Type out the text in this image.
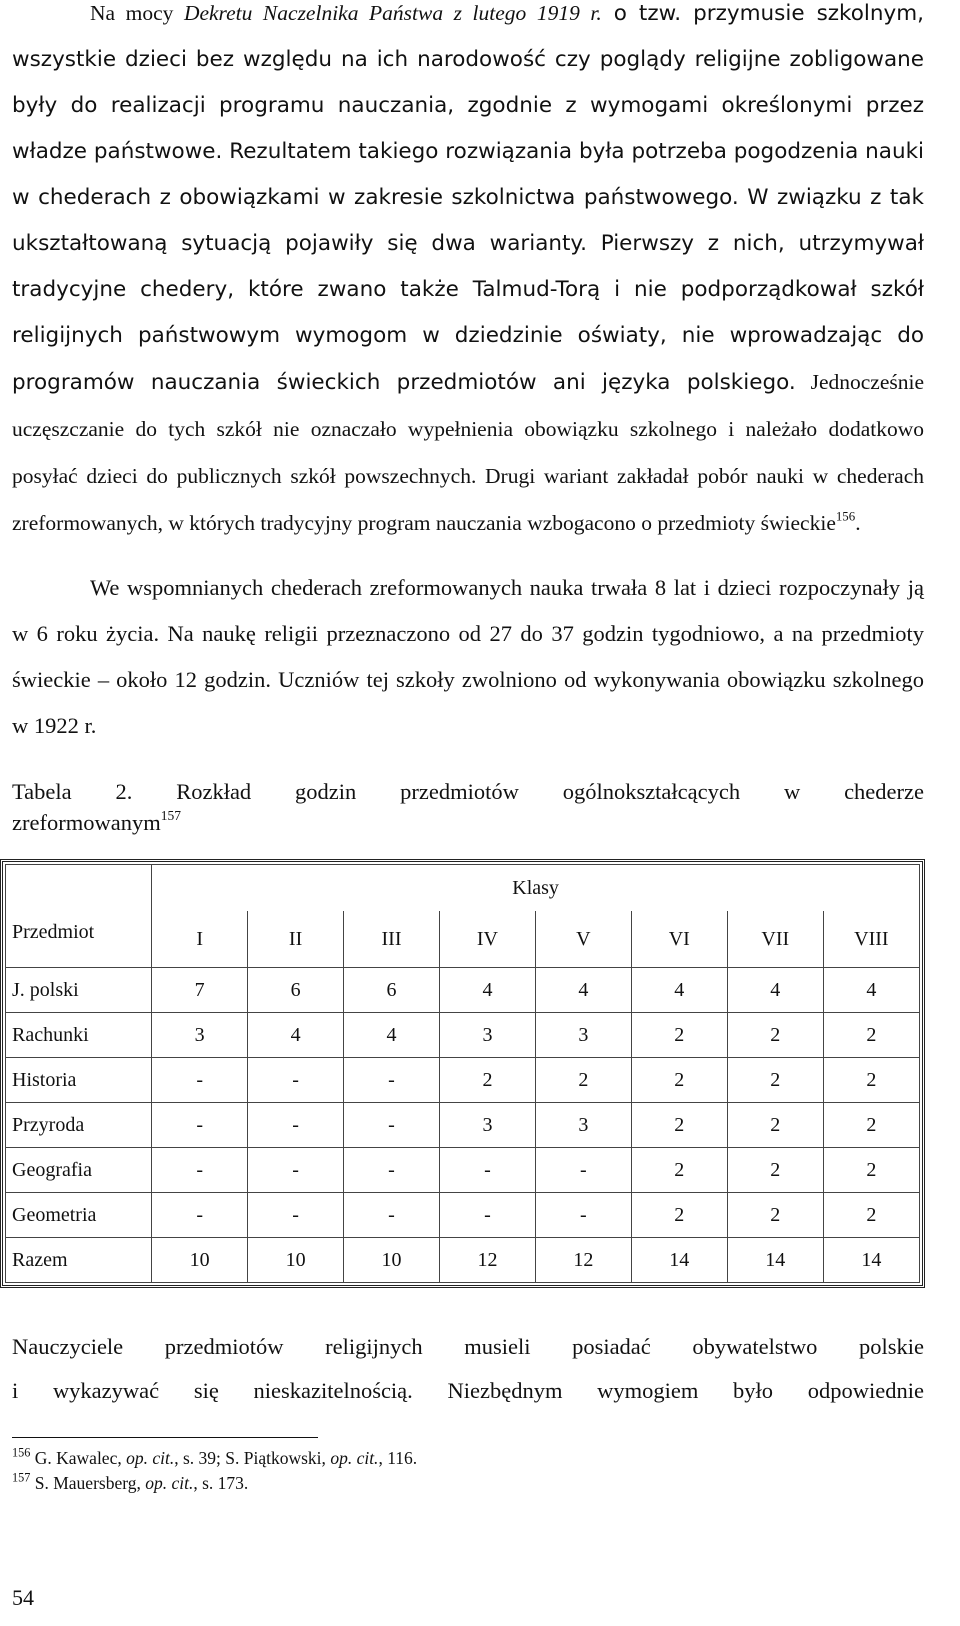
Na mocy Dekretu Naczelnika Państwa z lutego 1919 r. o tzw. przymusie szkolnym, wszystkie dzieci bez względu na ich narodowość czy poglądy religijne zobligowane były do realizacji programu nauczania, zgodnie z wymogami określonymi przez władze państwowe. Rezultatem takiego rozwiązania była potrzeba pogodzenia nauki w chederach z obowiązkami w zakresie szkolnictwa państwowego. W związku z tak ukształtowaną sytuacją pojawiły się dwa warianty. Pierwszy z nich, utrzymywał tradycyjne chedery, które zwano także Talmud-Torą i nie podporządkował szkół religijnych państwowym wymogom w dziedzinie oświaty, nie wprowadzając do programów nauczania świeckich przedmiotów ani języka polskiego. Jednocześnie uczęszczanie do tych szkół nie oznaczało wypełnienia obowiązku szkolnego i należało dodatkowo posyłać dzieci do publicznych szkół powszechnych. Drugi wariant zakładał pobór nauki w chederach zreformowanych, w których tradycyjny program nauczania wzbogacono o przedmioty świeckie$^{156}$.

We wspomnianych chederach zreformowanych nauka trwała 8 lat i dzieci rozpoczynały ją w 6 roku życia. Na naukę religii przeznaczono od 27 do 37 godzin tygodniowo, a na przedmioty świeckie – około 12 godzin. Uczniów tej szkoły zwolniono od wykonywania obowiązku szkolnego w 1922 r.

Tabela 2. Rozkład godzin przedmiotów ogólnokształcących w chederze
zreformowanym$^{157}$
	Klasy							
Przedmiot	I	II	III	IV	V	VI	VII	VIII
J. polski	7	6	6	4	4	4	4	4
Rachunki	3	4	4	3	3	2	2	2
Historia	-	-	-	2	2	2	2	2
Przyroda	-	-	-	3	3	2	2	2
Geografia	-	-	-	-	-	2	2	2
Geometria	-	-	-	-	-	2	2	2
Razem	10	10	10	12	12	14	14	14
Nauczyciele przedmiotów religijnych musieli posiadać obywatelstwo polskie
i wykazywać się nieskazitelnością. Niezbędnym wymogiem było odpowiednie
$^{156}$ G. Kawalec, op. cit., s. 39; S. Piątkowski, op. cit., 116.
$^{157}$ S. Mauersberg, op. cit., s. 173.
54
